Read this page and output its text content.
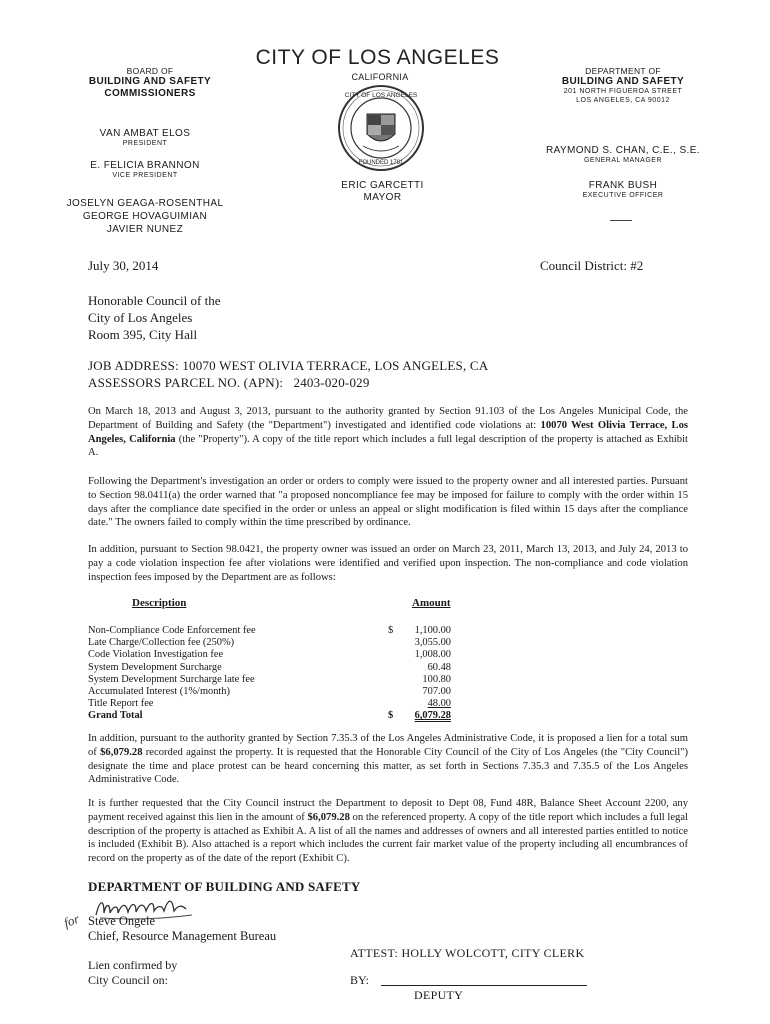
CITY OF LOS ANGELES
CALIFORNIA
CITY OF LOS ANGELES
FOUNDED 1781
ERIC GARCETTI
MAYOR
BOARD OF
BUILDING AND SAFETY
COMMISSIONERS
VAN AMBAT ELOS
PRESIDENT
E. FELICIA BRANNON
VICE PRESIDENT
JOSELYN GEAGA-ROSENTHAL
GEORGE HOVAGUIMIAN
JAVIER NUNEZ
DEPARTMENT OF
BUILDING AND SAFETY
201 NORTH FIGUEROA STREET
LOS ANGELES, CA 90012
RAYMOND S. CHAN, C.E., S.E.
GENERAL MANAGER
FRANK BUSH
EXECUTIVE OFFICER
July 30, 2014	Council District: #2
Honorable Council of the
City of Los Angeles
Room 395, City Hall
JOB ADDRESS: 10070 WEST OLIVIA TERRACE, LOS ANGELES, CA
ASSESSORS PARCEL NO. (APN):   2403-020-029
On March 18, 2013 and August 3, 2013, pursuant to the authority granted by Section 91.103 of the Los Angeles Municipal Code, the Department of Building and Safety (the "Department") investigated and identified code violations at: 10070 West Olivia Terrace, Los Angeles, California (the "Property"). A copy of the title report which includes a full legal description of the property is attached as Exhibit A.
Following the Department's investigation an order or orders to comply were issued to the property owner and all interested parties. Pursuant to Section 98.0411(a) the order warned that "a proposed noncompliance fee may be imposed for failure to comply with the order within 15 days after the compliance date specified in the order or unless an appeal or slight modification is filed within 15 days after the compliance date." The owners failed to comply within the time prescribed by ordinance.
In addition, pursuant to Section 98.0421, the property owner was issued an order on March 23, 2011, March 13, 2013, and July 24, 2013 to pay a code violation inspection fee after violations were identified and verified upon inspection. The non-compliance and code violation inspection fees imposed by the Department are as follows:
Description	Amount
Non-Compliance Code Enforcement fee	$	1,100.00
Late Charge/Collection fee (250%)	3,055.00
Code Violation Investigation fee	1,008.00
System Development Surcharge	60.48
System Development Surcharge late fee	100.80
Accumulated Interest (1%/month)	707.00
Title Report fee	48.00
Grand Total	$	6,079.28
In addition, pursuant to the authority granted by Section 7.35.3 of the Los Angeles Administrative Code, it is proposed a lien for a total sum of $6,079.28 recorded against the property. It is requested that the Honorable City Council of the City of Los Angeles (the "City Council") designate the time and place protest can be heard concerning this matter, as set forth in Sections 7.35.3 and 7.35.5 of the Los Angeles Administrative Code.
It is further requested that the City Council instruct the Department to deposit to Dept 08, Fund 48R, Balance Sheet Account 2200, any payment received against this lien in the amount of $6,079.28 on the referenced property. A copy of the title report which includes a full legal description of the property is attached as Exhibit A. A list of all the names and addresses of owners and all interested parties entitled to notice is included (Exhibit B). Also attached is a report which includes the current fair market value of the property including all encumbrances of record on the property as of the date of the report (Exhibit C).
DEPARTMENT OF BUILDING AND SAFETY
for Steve Ongele
Chief, Resource Management Bureau
ATTEST: HOLLY WOLCOTT, CITY CLERK
Lien confirmed by
City Council on:	BY:
DEPUTY
